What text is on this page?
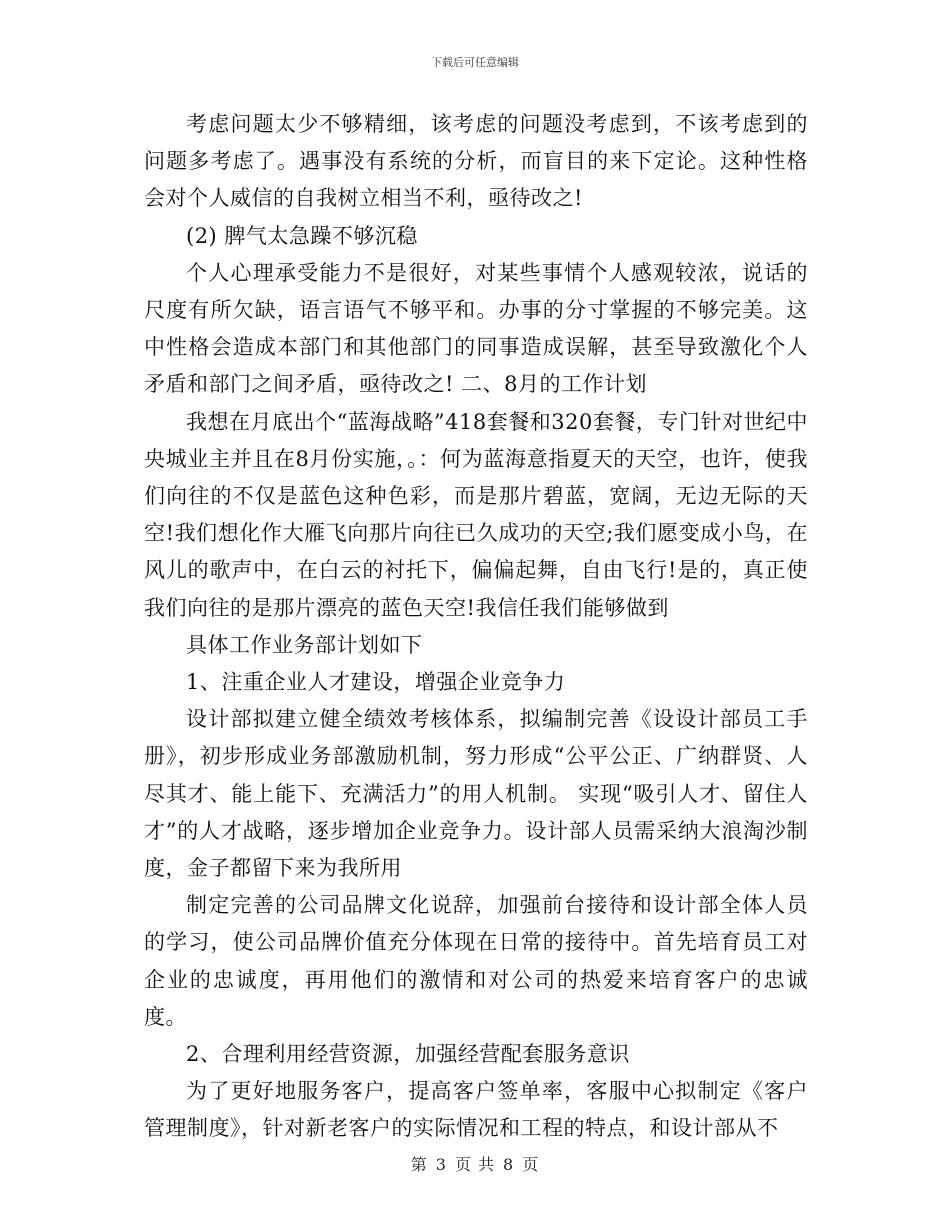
下载后可任意编辑

考虑问题太少不够精细，该考虑的问题没考虑到，不该考虑到的问题多考虑了。遇事没有系统的分析，而盲目的来下定论。这种性格会对个人威信的自我树立相当不利，亟待改之!

(2) 脾气太急躁不够沉稳

个人心理承受能力不是很好，对某些事情个人感观较浓，说话的尺度有所欠缺，语言语气不够平和。办事的分寸掌握的不够完美。这中性格会造成本部门和其他部门的同事造成误解，甚至导致激化个人矛盾和部门之间矛盾，亟待改之! 二、8月的工作计划

我想在月底出个“蓝海战略”418套餐和320套餐，专门针对世纪中央城业主并且在8月份实施，。：何为蓝海意指夏天的天空，也许，使我们向往的不仅是蓝色这种色彩，而是那片碧蓝，宽阔，无边无际的天空!我们想化作大雁飞向那片向往已久成功的天空;我们愿变成小鸟，在风儿的歌声中，在白云的衬托下，偏偏起舞，自由飞行!是的，真正使我们向往的是那片漂亮的蓝色天空!我信任我们能够做到

具体工作业务部计划如下

1、注重企业人才建设，增强企业竞争力

设计部拟建立健全绩效考核体系，拟编制完善《设设计部员工手册》，初步形成业务部激励机制，努力形成“公平公正、广纳群贤、人尽其才、能上能下、充满活力”的用人机制。 实现“吸引人才、留住人才”的人才战略，逐步增加企业竞争力。设计部人员需采纳大浪淘沙制度，金子都留下来为我所用

制定完善的公司品牌文化说辞，加强前台接待和设计部全体人员的学习，使公司品牌价值充分体现在日常的接待中。首先培育员工对企业的忠诚度，再用他们的激情和对公司的热爱来培育客户的忠诚度。

2、合理利用经营资源，加强经营配套服务意识

为了更好地服务客户，提高客户签单率，客服中心拟制定《客户管理制度》，针对新老客户的实际情况和工程的特点，和设计部从不

第 3 页 共 8 页
